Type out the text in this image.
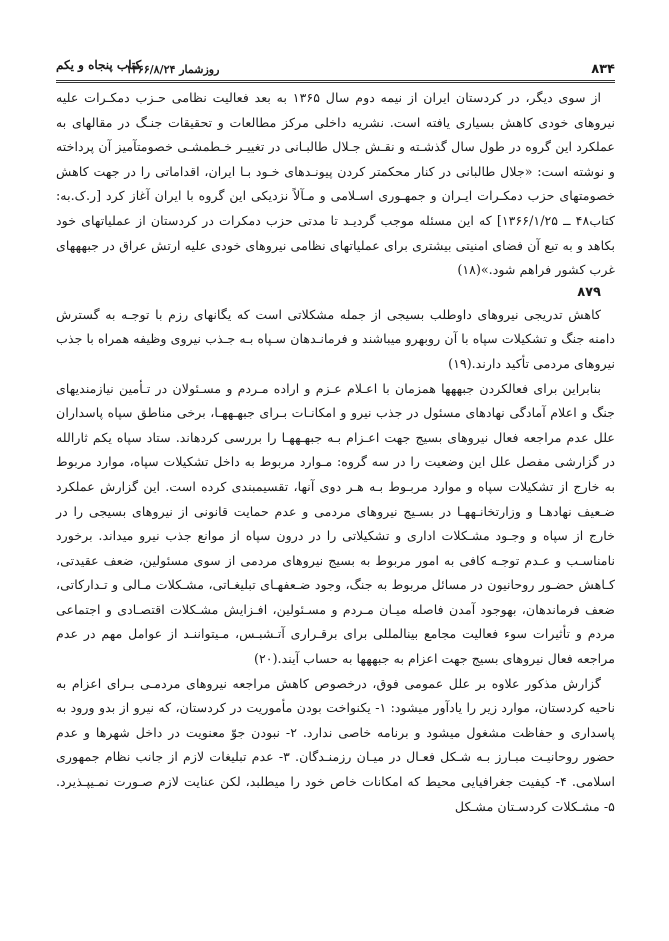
۸۳۴
روزشمار ۱۳۶۶/۸/۲۴
کتاب پنجاه و یکم

از سوی دیگر، در کردستان ایران از نیمه دوم سال ۱۳۶۵ به بعد فعالیت نظامی حـزب دمکـرات علیه نیروهای خودی کاهش بسیاری یافته است. نشریه داخلی مرکز مطالعات و تحقیقات جنـگ در مقالهای به عملکرد این گروه در طول سال گذشـته و نقـش جـلال طالبـانی در تغییـر خـطمشـی خصومتآمیز آن پرداخته و نوشته است: «جلال طالبانی در کنار محکمتر کردن پیونـدهای خـود بـا ایران، اقداماتی را در جهت کاهش خصومتهای حزب دمکـرات ایـران و جمهـوری اسـلامی و مـآلاً نزدیکی این گروه با ایران آغاز کرد [ر.ک.به: کتاب۴۸ ــ ۱۳۶۶/۱/۲۵] که این مسئله موجب گردیـد تا مدتی حزب دمکرات در کردستان از عملیاتهای خود بکاهد و به تبع آن فضای امنیتی بیشتری برای عملیاتهای نظامی نیروهای خودی علیه ارتش عراق در جبهههای غرب کشور فراهم شود.»(۱۸)

۸۷۹

کاهش تدریجی نیروهای داوطلب بسیجی از جمله مشکلاتی است که یگانهای رزم با توجـه به گسترش دامنه جنگ و تشکیلات سپاه با آن روبهرو میباشند و فرمانـدهان سـپاه بـه جـذب نیروی وظیفه همراه با جذب نیروهای مردمی تأکید دارند.(۱۹)

بنابراین برای فعالکردن جبههها همزمان با اعـلام عـزم و اراده مـردم و مسـئولان در تـأمین نیازمندیهای جنگ و اعلام آمادگی نهادهای مسئول در جذب نیرو و امکانـات بـرای جبهـههـا، برخی مناطق سپاه پاسداران علل عدم مراجعه فعال نیروهای بسیج جهت اعـزام بـه جبهـههـا را بررسی کردهاند. ستاد سپاه یکم ثارالله در گزارشی مفصل علل این وضعیت را در سه گروه: مـوارد مربوط به داخل تشکیلات سپاه، موارد مربوط به خارج از تشکیلات سپاه و موارد مربـوط بـه هـر دوی آنها، تقسیمبندی کرده است. این گزارش عملکرد ضـعیف نهادهـا و وزارتخانـههـا در بسـیج نیروهای مردمی و عدم حمایت قانونی از نیروهای بسیجی را در خارج از سپاه و وجـود مشـکلات اداری و تشکیلاتی را در درون سپاه از موانع جذب نیرو میداند. برخورد نامناسـب و عـدم توجـه کافی به امور مربوط به بسیج نیروهای مردمی از سوی مسئولین، ضعف عقیدتی، کـاهش حضـور روحانیون در مسائل مربوط به جنگ، وجود ضـعفهـای تبلیغـاتی، مشـکلات مـالی و تـدارکاتی، ضعف فرماندهان، بهوجود آمدن فاصله میـان مـردم و مسـئولین، افـزایش مشـکلات اقتصـادی و اجتماعی مردم و تأثیرات سوء فعالیت مجامع بینالمللی برای برقـراری آتـشبـس، مـیتواننـد از عوامل مهم در عدم مراجعه فعال نیروهای بسیج جهت اعزام به جبههها به حساب آیند.(۲۰)

گزارش مذکور علاوه بر علل عمومی فوق، درخصوص کاهش مراجعه نیروهای مردمـی بـرای اعزام به ناحیه کردستان، موارد زیر را یادآور میشود: ۱- یکنواخت بودن مأموریت در کردستان، که نیرو از بدو ورود به پاسداری و حفاظت مشغول میشود و برنامه خاصی ندارد. ۲- نبودن جوّ معنویت در داخل شهرها و عدم حضور روحانیـت مبـارز بـه شـکل فعـال در میـان رزمنـدگان. ۳- عدم تبلیغات لازم از جانب نظام جمهوری اسلامی. ۴- کیفیت جغرافیایی محیط که امکانات خاص خود را میطلبد، لکن عنایت لازم صـورت نمـیپـذیرد. ۵- مشـکلات کردسـتان مشـکل
